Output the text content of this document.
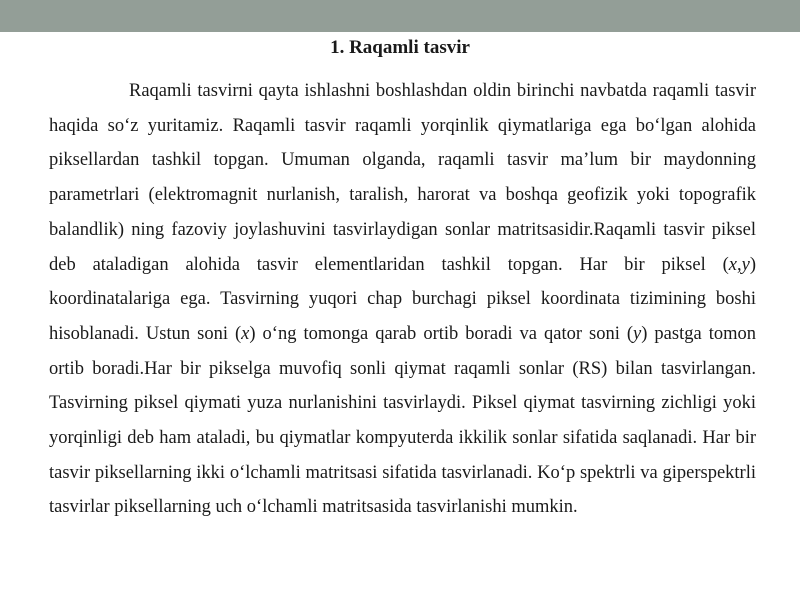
1. Raqamli tasvir

Raqamli tasvirni qayta ishlashni boshlashdan oldin birinchi navbatda raqamli tasvir haqida so‘z yuritamiz. Raqamli tasvir raqamli yorqinlik qiymatlariga ega bo‘lgan alohida piksellardan tashkil topgan. Umuman olganda, raqamli tasvir ma’lum bir maydonning parametrlari (elektromagnit nurlanish, taralish, harorat va boshqa geofizik yoki topografik balandlik) ning fazoviy joylashuvini tasvirlaydigan sonlar matritsasidir.Raqamli tasvir piksel deb ataladigan alohida tasvir elementlaridan tashkil topgan. Har bir piksel (x,y) koordinatalariga ega. Tasvirning yuqori chap burchagi piksel koordinata tizimining boshi hisoblanadi. Ustun soni (x) o‘ng tomonga qarab ortib boradi va qator soni (y) pastga tomon ortib boradi.Har bir pikselga muvofiq sonli qiymat raqamli sonlar (RS) bilan tasvirlangan. Tasvirning piksel qiymati yuza nurlanishini tasvirlaydi. Piksel qiymat tasvirning zichligi yoki yorqinligi deb ham ataladi, bu qiymatlar kompyuterda ikkilik sonlar sifatida saqlanadi. Har bir tasvir piksellarning ikki o‘lchamli matritsasi sifatida tasvirlanadi. Ko‘p spektrli va giperspektrli tasvirlar piksellarning uch o‘lchamli matritsasida tasvirlanishi mumkin.
